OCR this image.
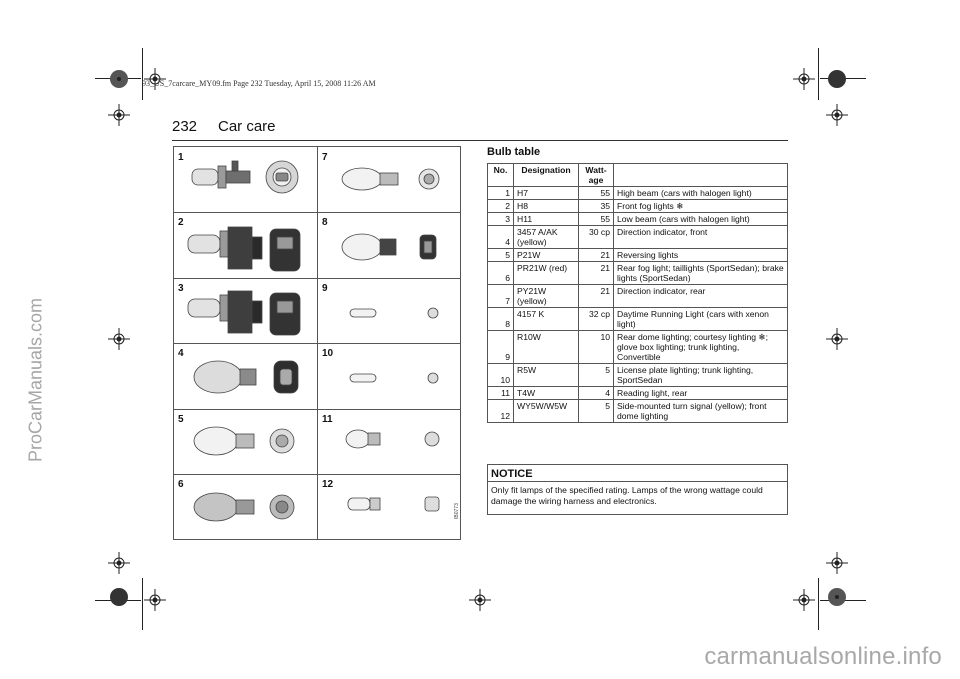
93_US_7carcare_MY09.fm Page 232 Tuesday, April 15, 2008 11:26 AM
ProCarManuals.com
carmanualsonline.info
232 Car care
1
2
3
4
5
6
7
8
9
10
11
12
IB0773
Bulb table
No.	Designation	Watt-age	
1	H7	55	High beam (cars with halogen light)
2	H8	35	Front fog lights ❄
3	H11	55	Low beam (cars with halogen light)
4	3457 A/AK (yellow)	30 cp	Direction indicator, front
5	P21W	21	Reversing lights
6	PR21W (red)	21	Rear fog light; taillights (SportSedan); brake lights (SportSedan)
7	PY21W (yellow)	21	Direction indicator, rear
8	4157 K	32 cp	Daytime Running Light (cars with xenon light)
9	R10W	10	Rear dome lighting; courtesy lighting ❄; glove box lighting; trunk lighting, Convertible
10	R5W	5	License plate lighting; trunk lighting, SportSedan
11	T4W	4	Reading light, rear
12	WY5W/W5W	5	Side-mounted turn signal (yellow); front dome lighting
NOTICE
Only fit lamps of the specified rating. Lamps of the wrong wattage could damage the wiring harness and electronics.
